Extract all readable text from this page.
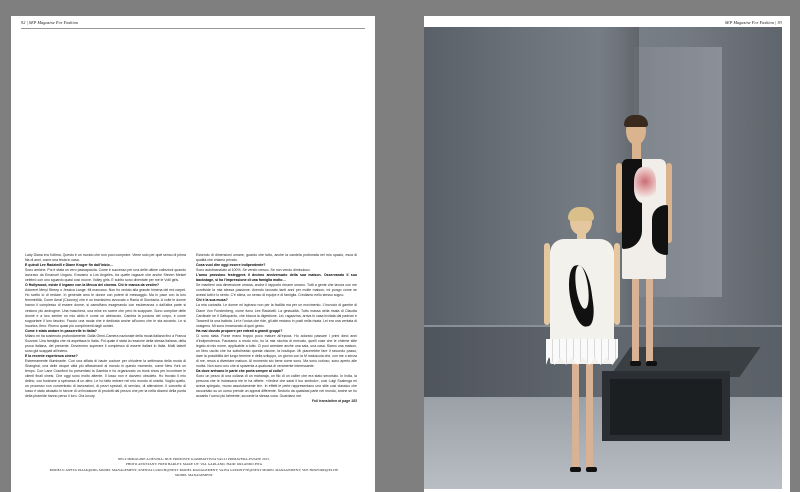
92 | SEP Magazine For Fashion

Lady Diana era l’ultima. Questo è un mondo che non puoi comprare. Viene solo per quel senso di prima fila di anni, come una festa in casa.

E quindi Lee Radziwill e Diane Kruger fin dall’inizio…

Sono amiche. Poi è stata un vero passaparola. Come è successo per una delle ultime collezioni quando lavoravo da Emanuel Ungaro. Eravamo a Los Angeles, tra quelle ragazze che anche Steven Meisel celebrò con uno sguardo quasi così nuove. Volley girls. E subito sono diventate per me le Volli girls.

O Hollywood, esiste il legame con la Mecca del cinema. Chi le manca da vestire?

Adorerei Meryl Streep o Jessica Lange. Mi mancano. Non ho veduto alla grande himena del red carpet. Ho scelto io di restare. In generale amo le donne con potere di messaggio. Ma in pace con la loro femminilità. Come Amal (Clooney) che è un bravissimo avvocato o Rania di Giordania. A volte le donne hanno il complesso di essere donne, si camuffano esagerando con esuberanza o dall’altra parte si vestono più androgine. Una maschera, una mise en scene che però fa scappare. Sono complice delle donne e a loro sentire un mio abito è come un abbraccio. Cambia la postura del corpo, e come supportare il loro fascino. Faccio una moda che è dedicata anche all’uomo che le sta accanto. Le si incontra, fiero. Ricevo quasi più complimenti dagli uomini.

Come è stato andare in passerelle in Italia?

Milano mi ha sostenuto profondamente. Dalla Omni-Camera nazionale della moda italiana fino a Franca Sozzani. Una famiglia che mi aspettava in Italia. Poi quale è stata la reazione della stessa italiana, della prova italiana, del presente. Dovremmo superare il complesso di essere italiani in Italia. Molti talenti sono già scappati all’estero.

E la recente esperienza cinese?

Estremamente illuminante. Con una sfilata di haute couture per chiudere la settimana della moda di Shanghai, una delle cinque città più affascinanti al mondo in questo momento, come New York un tempo. Con Lane Crawford ho presentato la Gambia e ho organizzato un trunk show per incontrare le clienti finali cinesi. Che oggi sono molto attente. Il lusso non è davvero obsoleto. Ho trovato il mio delirio, con bodeane a speranza di un altro; Le ho fatto entrare nel mio mondo di unicità. Voglio quello, un processo con concentrato di lavorazioni, di pezzi speciali, di servizio, di attenzione. Il concetto di lusso è stato abusato in favore di un’invasione di prodotti dal prezzo che per la nella diocesi della punta della piramide hanno perso il loro. Ora luxury.

Essendo di dimensioni umane, guardo che tutto, anche la candela profumata nel mio spazio, esca di qualità che chiamo privato.

Cosa vuol dire oggi essere indipendente?

Sono autofinanziato al 100%. Se vendo cresco. Se non vendo diminuisco.

L’anno prossimo festeggerà il decimo anniversario della sua maison. Osservando il suo backstage, si ha l’impressione di una famiglia molto…

Se mantieni una dimensione umana, anche il rapporto rimane umano. Tutti a gente che lavora con me condivide la mia stessa passione. Avendo lavorato tanti anni per molte maison, mi pongo come se avessi tutti e lo sento. C’è stima, un senso di equipe e di famiglia. Crediamo nello stesso sogno.

Chi è la sua musa?

La mia curiosità. Le donne mi ispirano non per la facilità ma per un movimento. L’incrocio di gambe di Diane Von Furstenberg, come fumo Lee Radziwill. La gestualità. Tutto massa della risata di Claudia Cardinale ne Il Gattopardo, che blocca la digestione. Lei, ragazzina, arriva in casa invitata dai padroni e Tancredi fa una battuta. Lei e l’unica che ride, gli altri restano in posti nella risata. Lei era una ventata di ossigeno. Mi sono innamorato di quel gesto.

Ha mai dovuto proporre per entrati a grandi gruppi?

Ci sono stata. Forse erano troppo poco mature all’epoca. Ho adorato passare i primi dieci anni d’indipendenza. Facciamo a modo mio, ho la mia nicchia di mercato, quelli cose che le chieme stile legato al mio nome, applicabile a tutto. Ci puoi arredare anche una sala, una casa. Siamo una maison, un libro uscito che ha sottolineato questa visione, la boutique. Mi piacerebbe fare il secondo passo, dare la possibilità del lungo termine e della sviluppo, un giorno con la M maiuscola che, con me o senza di me, resca a diventare maison. Al momento sto bene come sono. Ma sono curioso, sono aperto alle novità. Non sono uno che si spaventa a qualcosa di veramente interessante.

Da dove arrivano le parte che porta sempre al collo?

Sono un pezzo di una collana di un maharaja, un filo di un collier che era stato smontato. In India, la persona che le indossava me le ha offerte. «Vedevi che sarai il tuo simbolo», così Luigi Scalenga mi aveva spiegato, «sono assolutamente lei». In effetti le perle rappresentano uno stile così classico che raccontato su un uomo prende un appeal differente. Sedurlo da qualsiasi parte nel mondo, anche se ho accanto l’uomo più talmente, succede la stessa cosa. Guardano me.

Full translation at page 183

NELL'IMMAGINE A DESTRA: DUE PROPOSTE GIAMBATTISTA VALLI PRIMAVERA-ESTATE 2015.

PHOTO ASSISTANT: FRED BARLET. MAKE UP: VAL GARLAND. HAIR: ORLANDO PITA

MODELS: ANETA PAJAK@IMG MODEL MANAGEMENT; KSENIJA LUKICH@NEXT MODEL MANAGEMENT; VAIVA GUDONYTĖ@NEXT MODEL MANAGEMENT; SUE HOSFORD@ELITE MODEL MANAGEMENT

SEP Magazine For Fashion | 93
